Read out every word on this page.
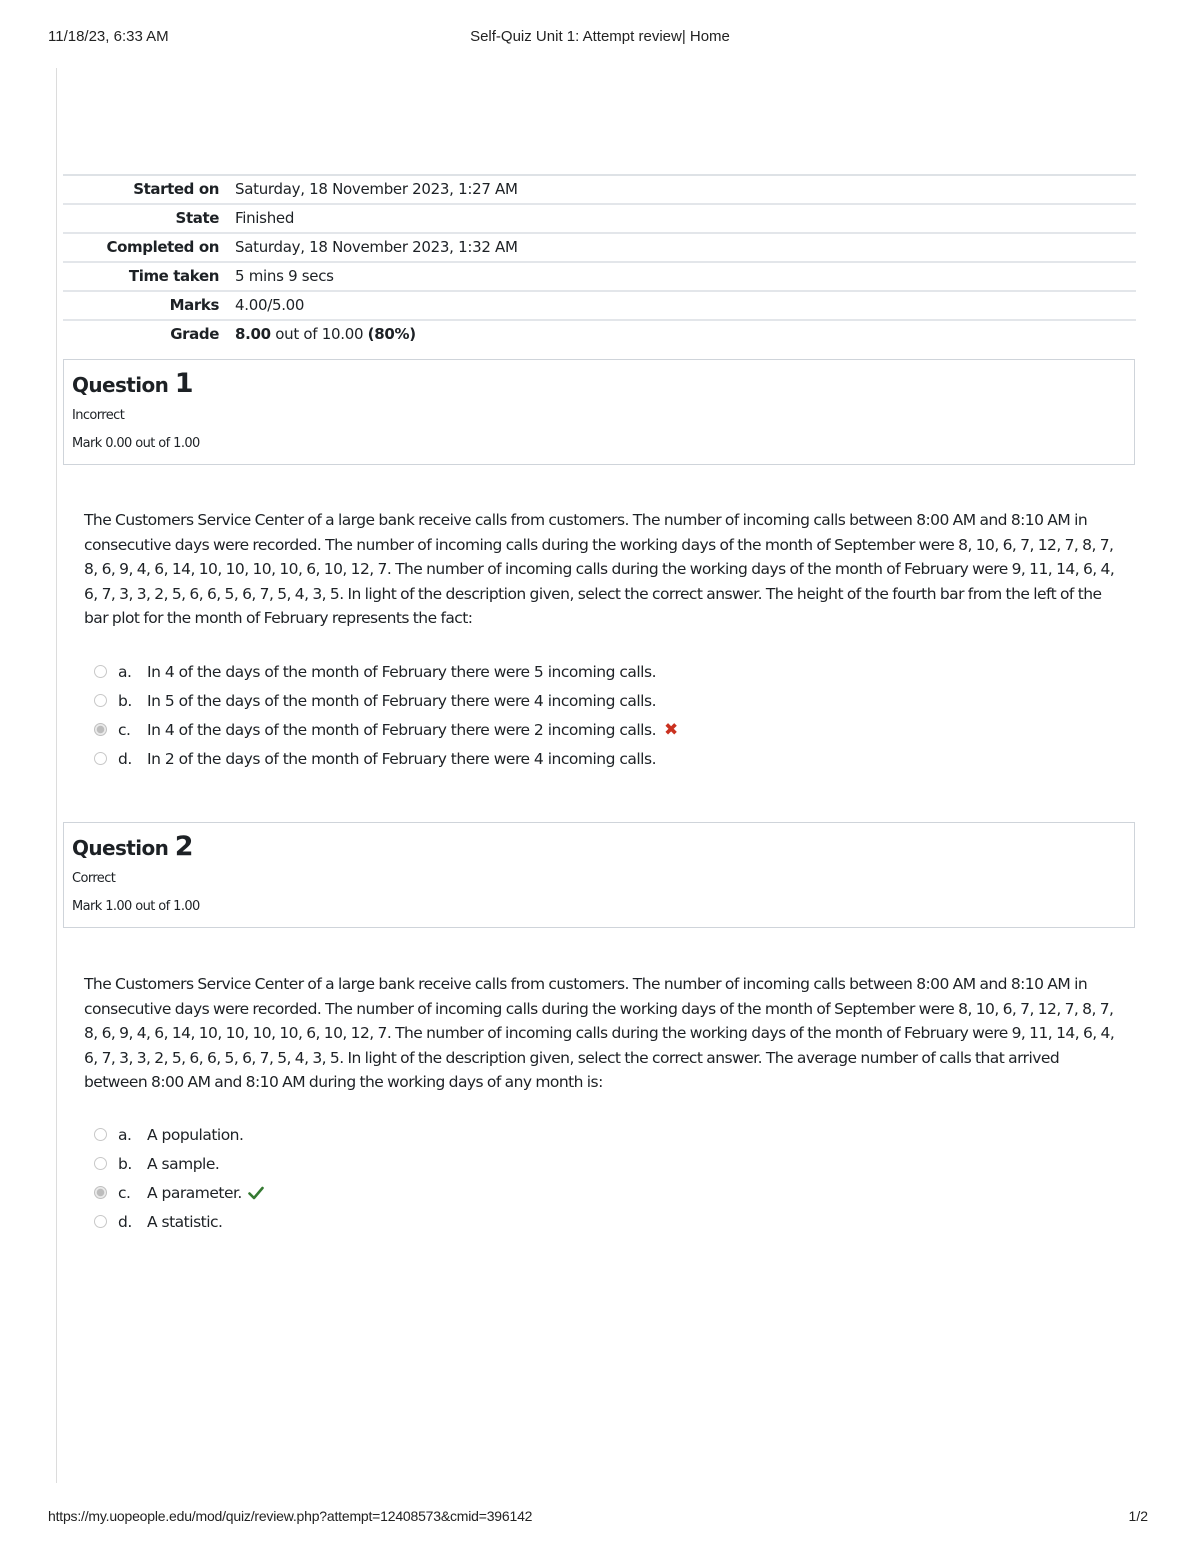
11/18/23, 6:33 AM	Self-Quiz Unit 1: Attempt review| Home
Started on	Saturday, 18 November 2023, 1:27 AM
State	Finished
Completed on	Saturday, 18 November 2023, 1:32 AM
Time taken	5 mins 9 secs
Marks	4.00/5.00
Grade	8.00 out of 10.00 (80%)
Question 1
Incorrect
Mark 0.00 out of 1.00
The Customers Service Center of a large bank receive calls from customers. The number of incoming calls between 8:00 AM and 8:10 AM in consecutive days were recorded. The number of incoming calls during the working days of the month of September were 8, 10, 6, 7, 12, 7, 8, 7, 8, 6, 9, 4, 6, 14, 10, 10, 10, 10, 6, 10, 12, 7. The number of incoming calls during the working days of the month of February were 9, 11, 14, 6, 4, 6, 7, 3, 3, 2, 5, 6, 6, 5, 6, 7, 5, 4, 3, 5. In light of the description given, select the correct answer. The height of the fourth bar from the left of the bar plot for the month of February represents the fact:
a.	In 4 of the days of the month of February there were 5 incoming calls.
b. In 5 of the days of the month of February there were 4 incoming calls.
c.	In 4 of the days of the month of February there were 2 incoming calls. ✖
d. In 2 of the days of the month of February there were 4 incoming calls.
Question 2
Correct
Mark 1.00 out of 1.00
The Customers Service Center of a large bank receive calls from customers. The number of incoming calls between 8:00 AM and 8:10 AM in consecutive days were recorded. The number of incoming calls during the working days of the month of September were 8, 10, 6, 7, 12, 7, 8, 7, 8, 6, 9, 4, 6, 14, 10, 10, 10, 10, 6, 10, 12, 7. The number of incoming calls during the working days of the month of February were 9, 11, 14, 6, 4, 6, 7, 3, 3, 2, 5, 6, 6, 5, 6, 7, 5, 4, 3, 5. In light of the description given, select the correct answer. The average number of calls that arrived between 8:00 AM and 8:10 AM during the working days of any month is:
a.	A population.
b. A sample.
c.	A parameter.
d. A statistic.
https://my.uopeople.edu/mod/quiz/review.php?attempt=12408573&cmid=396142	1/2
